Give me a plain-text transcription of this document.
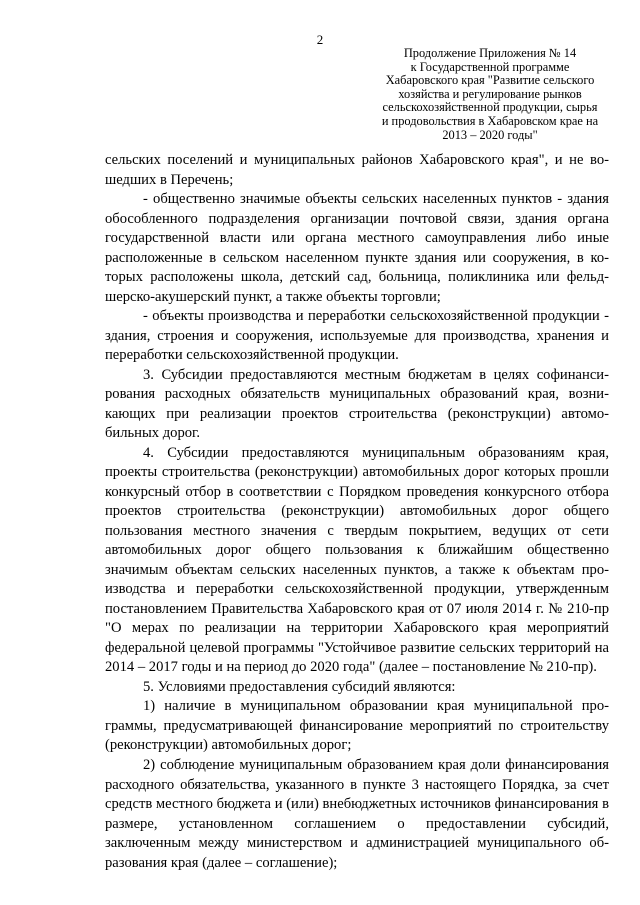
2
Продолжение Приложения № 14
к Государственной программе
Хабаровского края "Развитие сельского
хозяйства и регулирование рынков
сельскохозяйственной продукции, сырья
и продовольствия в Хабаровском крае на
2013 – 2020 годы"

сельских поселений и муниципальных районов Хабаровского края", и не вошедших в Перечень;

- общественно значимые объекты сельских населенных пунктов - здания обособленного подразделения организации почтовой связи, здания органа государственной власти или органа местного самоуправления либо иные расположенные в сельском населенном пункте здания или сооружения, в которых расположены школа, детский сад, больница, поликлиника или фельдшерско-акушерский пункт, а также объекты торговли;

- объекты производства и переработки сельскохозяйственной продукции - здания, строения и сооружения, используемые для производства, хранения и переработки сельскохозяйственной продукции.

3. Субсидии предоставляются местным бюджетам в целях софинансирования расходных обязательств муниципальных образований края, возникающих при реализации проектов строительства (реконструкции) автомобильных дорог.

4. Субсидии предоставляются муниципальным образованиям края, проекты строительства (реконструкции) автомобильных дорог которых прошли конкурсный отбор в соответствии с Порядком проведения конкурсного отбора проектов строительства (реконструкции) автомобильных дорог общего пользования местного значения с твердым покрытием, ведущих от сети автомобильных дорог общего пользования к ближайшим общественно значимым объектам сельских населенных пунктов, а также к объектам производства и переработки сельскохозяйственной продукции, утвержденным постановлением Правительства Хабаровского края от 07 июля 2014 г. № 210-пр "О мерах по реализации на территории Хабаровского края мероприятий федеральной целевой программы "Устойчивое развитие сельских территорий на 2014 – 2017 годы и на период до 2020 года" (далее – постановление № 210-пр).

5. Условиями предоставления субсидий являются:

1) наличие в муниципальном образовании края муниципальной программы, предусматривающей финансирование мероприятий по строительству (реконструкции) автомобильных дорог;

2) соблюдение муниципальным образованием края доли финансирования расходного обязательства, указанного в пункте 3 настоящего Порядка, за счет средств местного бюджета и (или) внебюджетных источников финансирования в размере, установленном соглашением о предоставлении субсидий, заключенным между министерством и администрацией муниципального образования края (далее – соглашение);
